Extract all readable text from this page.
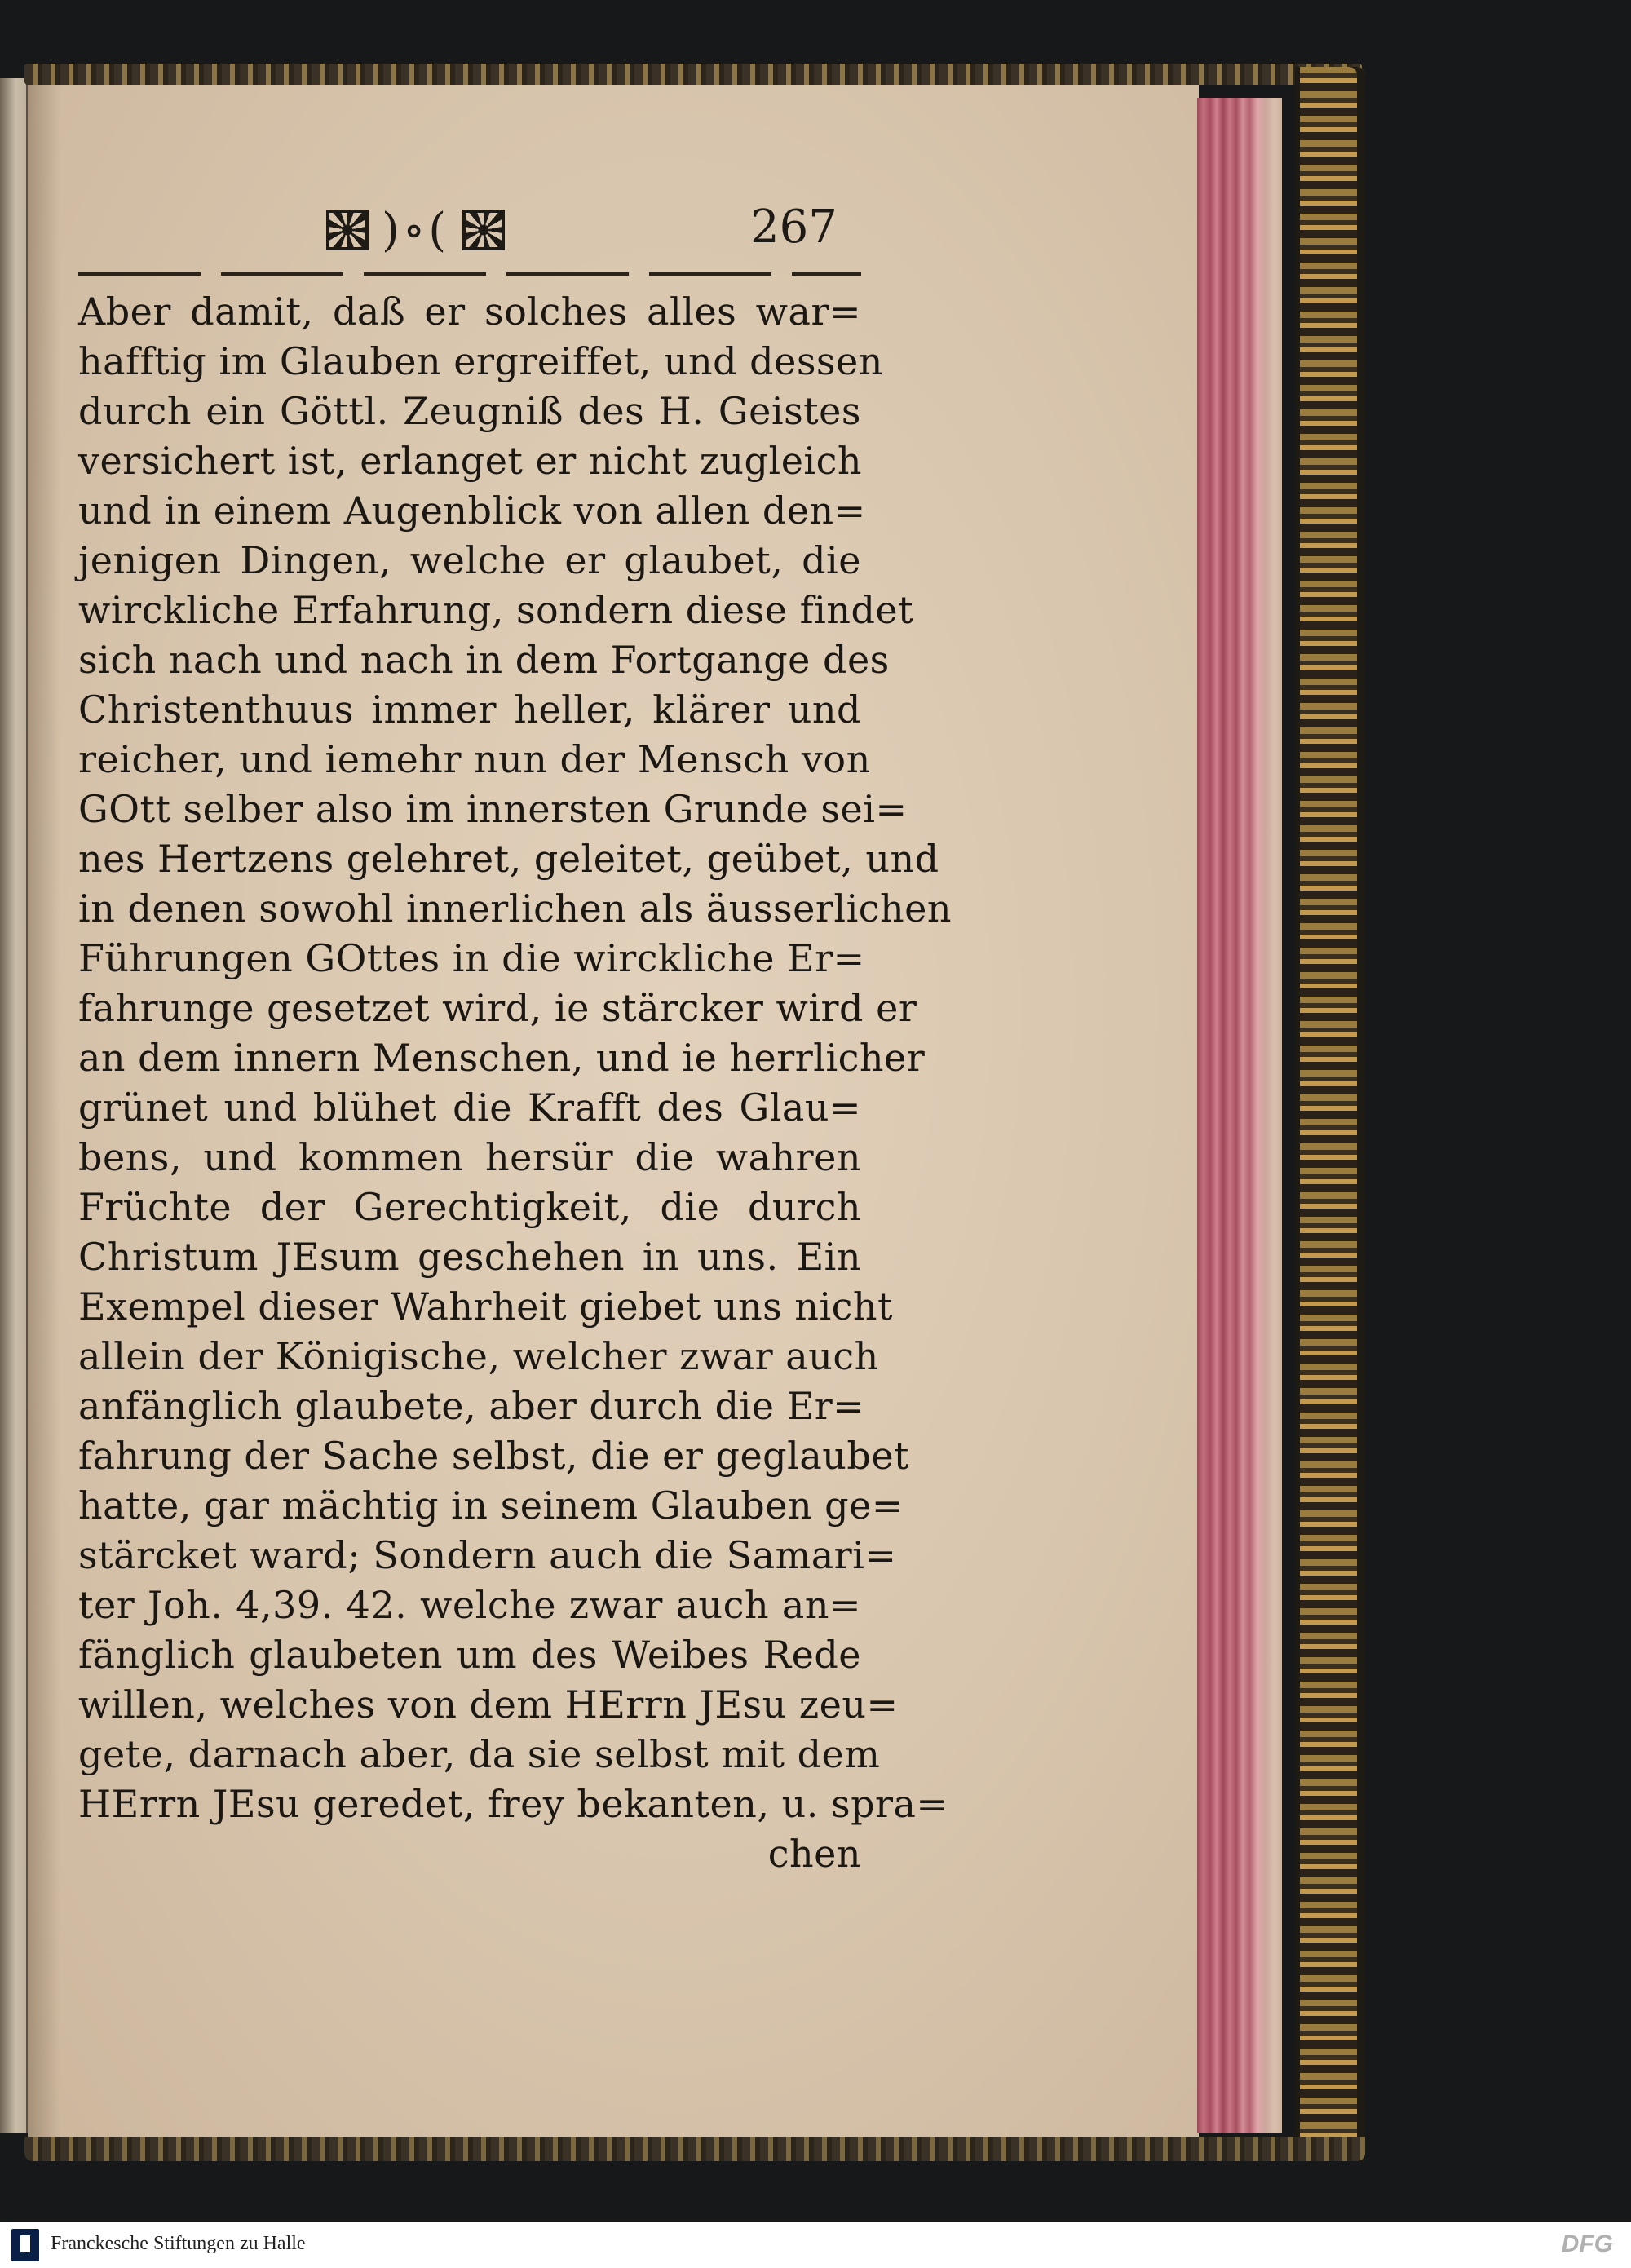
)∘(	267
Aber damit, daß er solches alles war=
hafftig im Glauben ergreiffet, und dessen
durch ein Göttl. Zeugniß des H. Geistes
versichert ist, erlanget er nicht zugleich
und in einem Augenblick von allen den=
jenigen Dingen, welche er glaubet, die
wirckliche Erfahrung, sondern diese findet
sich nach und nach in dem Fortgange des
Christenthuus immer heller, klärer und
reicher, und iemehr nun der Mensch von
GOtt selber also im innersten Grunde sei=
nes Hertzens gelehret, geleitet, geübet, und
in denen sowohl innerlichen als äusserlichen
Führungen GOttes in die wirckliche Er=
fahrunge gesetzet wird, ie stärcker wird er
an dem innern Menschen, und ie herrlicher
grünet und blühet die Krafft des Glau=
bens, und kommen hersür die wahren
Früchte der Gerechtigkeit, die durch
Christum JEsum geschehen in uns. Ein
Exempel dieser Wahrheit giebet uns nicht
allein der Königische, welcher zwar auch
anfänglich glaubete, aber durch die Er=
fahrung der Sache selbst, die er geglaubet
hatte, gar mächtig in seinem Glauben ge=
stärcket ward; Sondern auch die Samari=
ter Joh. 4,39. 42. welche zwar auch an=
fänglich glaubeten um des Weibes Rede
willen, welches von dem HErrn JEsu zeu=
gete, darnach aber, da sie selbst mit dem
HErrn JEsu geredet, frey bekanten, u. spra=
chen
Franckesche Stiftungen zu Halle	DFG
